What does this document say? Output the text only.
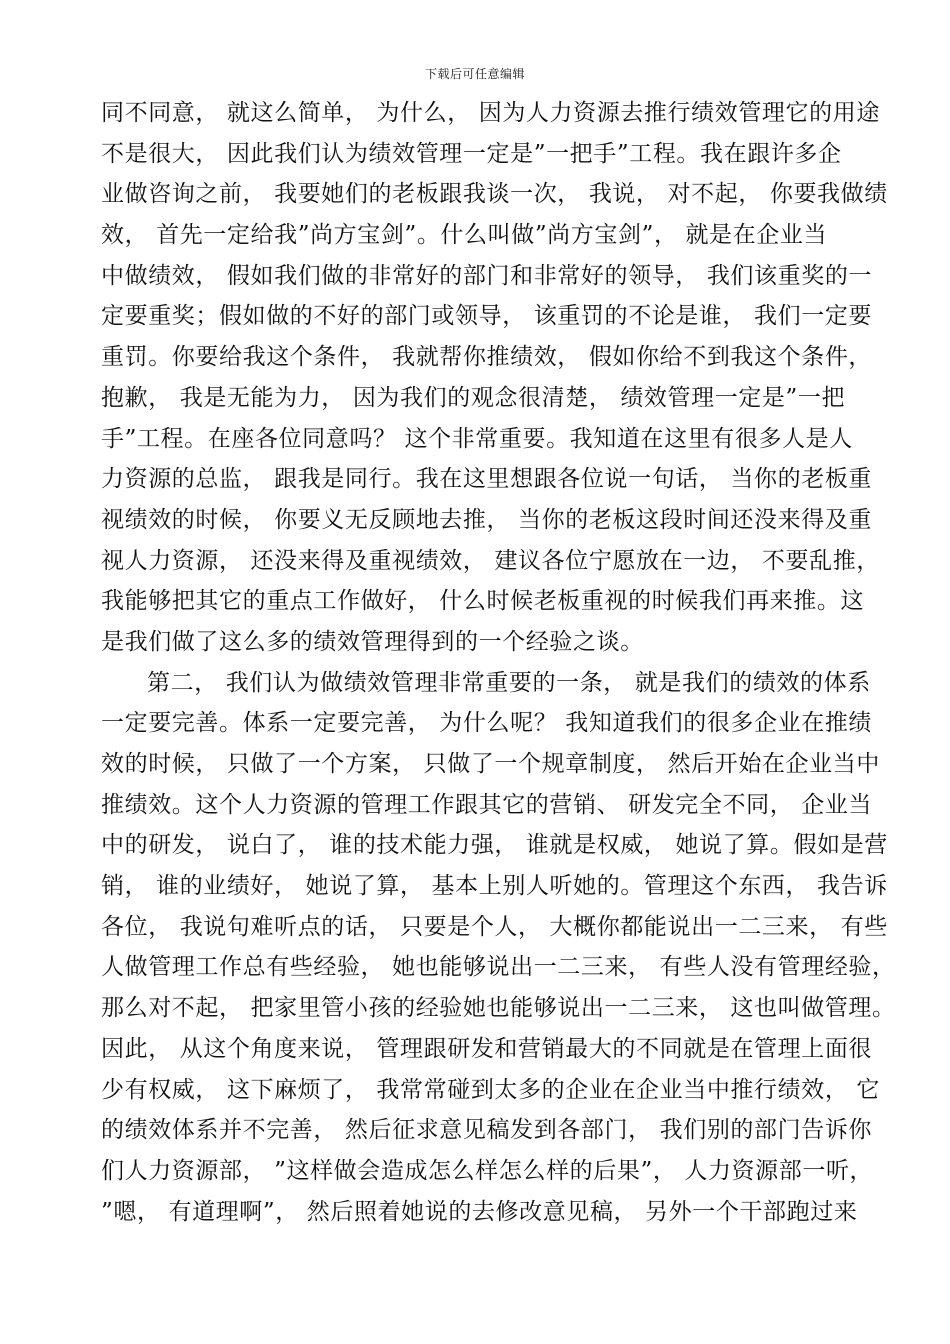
下载后可任意编辑
同不同意， 就这么简单， 为什么， 因为人力资源去推行绩效管理它的用途
不是很大， 因此我们认为绩效管理一定是”一把手”工程。我在跟许多企
业做咨询之前， 我要她们的老板跟我谈一次， 我说， 对不起， 你要我做绩
效， 首先一定给我”尚方宝剑”。什么叫做”尚方宝剑”， 就是在企业当
中做绩效， 假如我们做的非常好的部门和非常好的领导， 我们该重奖的一
定要重奖；假如做的不好的部门或领导， 该重罚的不论是谁， 我们一定要
重罚。你要给我这个条件， 我就帮你推绩效， 假如你给不到我这个条件，
抱歉， 我是无能为力， 因为我们的观念很清楚， 绩效管理一定是”一把
手”工程。在座各位同意吗？ 这个非常重要。我知道在这里有很多人是人
力资源的总监， 跟我是同行。我在这里想跟各位说一句话， 当你的老板重
视绩效的时候， 你要义无反顾地去推， 当你的老板这段时间还没来得及重
视人力资源， 还没来得及重视绩效， 建议各位宁愿放在一边， 不要乱推，
我能够把其它的重点工作做好， 什么时候老板重视的时候我们再来推。这
是我们做了这么多的绩效管理得到的一个经验之谈。
第二， 我们认为做绩效管理非常重要的一条， 就是我们的绩效的体系
一定要完善。体系一定要完善， 为什么呢？ 我知道我们的很多企业在推绩
效的时候， 只做了一个方案， 只做了一个规章制度， 然后开始在企业当中
推绩效。这个人力资源的管理工作跟其它的营销、 研发完全不同， 企业当
中的研发， 说白了， 谁的技术能力强， 谁就是权威， 她说了算。假如是营
销， 谁的业绩好， 她说了算， 基本上别人听她的。管理这个东西， 我告诉
各位， 我说句难听点的话， 只要是个人， 大概你都能说出一二三来， 有些
人做管理工作总有些经验， 她也能够说出一二三来， 有些人没有管理经验，
那么对不起， 把家里管小孩的经验她也能够说出一二三来， 这也叫做管理。
因此， 从这个角度来说， 管理跟研发和营销最大的不同就是在管理上面很
少有权威， 这下麻烦了， 我常常碰到太多的企业在企业当中推行绩效， 它
的绩效体系并不完善， 然后征求意见稿发到各部门， 我们别的部门告诉你
们人力资源部， ”这样做会造成怎么样怎么样的后果”， 人力资源部一听，
”嗯， 有道理啊”， 然后照着她说的去修改意见稿， 另外一个干部跑过来
